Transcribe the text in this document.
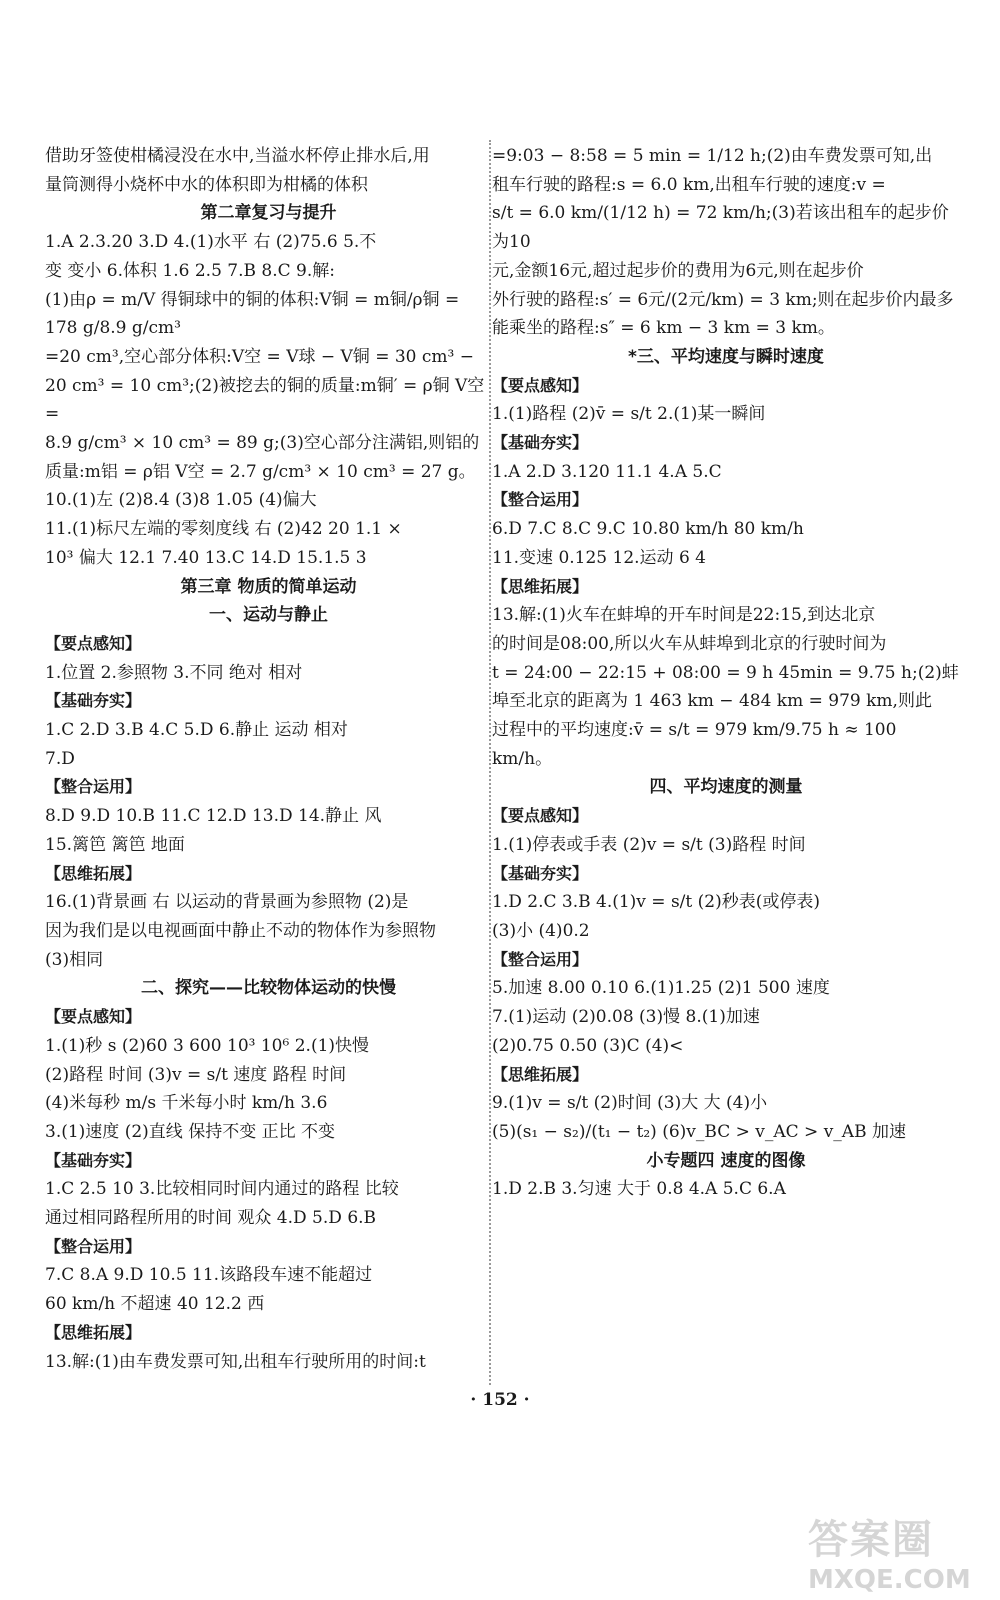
借助牙签使柑橘浸没在水中,当溢水杯停止排水后,用
量筒测得小烧杯中水的体积即为柑橘的体积
第二章复习与提升
1.A 2.3.20 3.D 4.(1)水平 右 (2)75.6 5.不
变 变小 6.体积 1.6 2.5 7.B 8.C 9.解:
(1)由ρ = m/V 得铜球中的铜的体积:V铜 = m铜/ρ铜 = 178 g/8.9 g/cm³
=20 cm³,空心部分体积:V空 = V球 − V铜 = 30 cm³ −
20 cm³ = 10 cm³;(2)被挖去的铜的质量:m铜′ = ρ铜 V空 =
8.9 g/cm³ × 10 cm³ = 89 g;(3)空心部分注满铝,则铝的
质量:m铝 = ρ铝 V空 = 2.7 g/cm³ × 10 cm³ = 27 g。
10.(1)左 (2)8.4 (3)8 1.05 (4)偏大
11.(1)标尺左端的零刻度线 右 (2)42 20 1.1 ×
10³ 偏大 12.1 7.40 13.C 14.D 15.1.5 3
第三章 物质的简单运动
一、运动与静止
【要点感知】
1.位置 2.参照物 3.不同 绝对 相对
【基础夯实】
1.C 2.D 3.B 4.C 5.D 6.静止 运动 相对
7.D
【整合运用】
8.D 9.D 10.B 11.C 12.D 13.D 14.静止 风
15.篱笆 篱笆 地面
【思维拓展】
16.(1)背景画 右 以运动的背景画为参照物 (2)是
因为我们是以电视画面中静止不动的物体作为参照物
(3)相同
二、探究——比较物体运动的快慢
【要点感知】
1.(1)秒 s (2)60 3 600 10³ 10⁶ 2.(1)快慢
(2)路程 时间 (3)v = s/t 速度 路程 时间
(4)米每秒 m/s 千米每小时 km/h 3.6
3.(1)速度 (2)直线 保持不变 正比 不变
【基础夯实】
1.C 2.5 10 3.比较相同时间内通过的路程 比较
通过相同路程所用的时间 观众 4.D 5.D 6.B
【整合运用】
7.C 8.A 9.D 10.5 11.该路段车速不能超过
60 km/h 不超速 40 12.2 西
【思维拓展】
13.解:(1)由车费发票可知,出租车行驶所用的时间:t
=9:03 − 8:58 = 5 min = 1/12 h;(2)由车费发票可知,出
租车行驶的路程:s = 6.0 km,出租车行驶的速度:v =
s/t = 6.0 km/(1/12 h) = 72 km/h;(3)若该出租车的起步价为10
元,金额16元,超过起步价的费用为6元,则在起步价
外行驶的路程:s′ = 6元/(2元/km) = 3 km;则在起步价内最多
能乘坐的路程:s″ = 6 km − 3 km = 3 km。
*三、平均速度与瞬时速度
【要点感知】
1.(1)路程 (2)v̄ = s/t 2.(1)某一瞬间
【基础夯实】
1.A 2.D 3.120 11.1 4.A 5.C
【整合运用】
6.D 7.C 8.C 9.C 10.80 km/h 80 km/h
11.变速 0.125 12.运动 6 4
【思维拓展】
13.解:(1)火车在蚌埠的开车时间是22:15,到达北京
的时间是08:00,所以火车从蚌埠到北京的行驶时间为
t = 24:00 − 22:15 + 08:00 = 9 h 45min = 9.75 h;(2)蚌
埠至北京的距离为 1 463 km − 484 km = 979 km,则此
过程中的平均速度:v̄ = s/t = 979 km/9.75 h ≈ 100 km/h。
四、平均速度的测量
【要点感知】
1.(1)停表或手表 (2)v = s/t (3)路程 时间
【基础夯实】
1.D 2.C 3.B 4.(1)v = s/t (2)秒表(或停表)
(3)小 (4)0.2
【整合运用】
5.加速 8.00 0.10 6.(1)1.25 (2)1 500 速度
7.(1)运动 (2)0.08 (3)慢 8.(1)加速
(2)0.75 0.50 (3)C (4)<
【思维拓展】
9.(1)v = s/t (2)时间 (3)大 大 (4)小
(5)(s₁ − s₂)/(t₁ − t₂) (6)v_BC > v_AC > v_AB 加速
小专题四 速度的图像
1.D 2.B 3.匀速 大于 0.8 4.A 5.C 6.A
· 152 ·
答案圈
MXQE.COM
